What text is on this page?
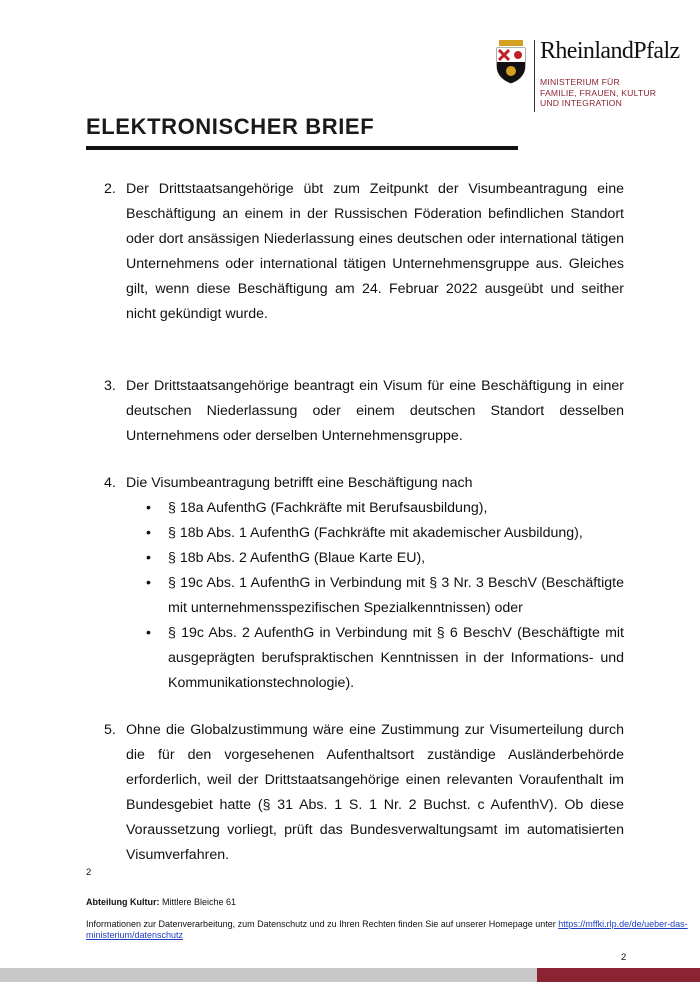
RheinlandPfalz
MINISTERIUM FÜR
FAMILIE, FRAUEN, KULTUR
UND INTEGRATION
ELEKTRONISCHER BRIEF
2. Der Drittstaatsangehörige übt zum Zeitpunkt der Visumbeantragung eine Beschäftigung an einem in der Russischen Föderation befindlichen Standort oder dort ansässigen Niederlassung eines deutschen oder international tätigen Unternehmens oder international tätigen Unternehmensgruppe aus. Gleiches gilt, wenn diese Beschäftigung am 24. Februar 2022 ausgeübt und seither nicht gekündigt wurde.
3. Der Drittstaatsangehörige beantragt ein Visum für eine Beschäftigung in einer deutschen Niederlassung oder einem deutschen Standort desselben Unternehmens oder derselben Unternehmensgruppe.
4. Die Visumbeantragung betrifft eine Beschäftigung nach
• § 18a AufenthG (Fachkräfte mit Berufsausbildung),
• § 18b Abs. 1 AufenthG (Fachkräfte mit akademischer Ausbildung),
• § 18b Abs. 2 AufenthG (Blaue Karte EU),
• § 19c Abs. 1 AufenthG in Verbindung mit § 3 Nr. 3 BeschV (Beschäftigte mit unternehmensspezifischen Spezialkenntnissen) oder
• § 19c Abs. 2 AufenthG in Verbindung mit § 6 BeschV (Beschäftigte mit ausgeprägten berufspraktischen Kenntnissen in der Informations- und Kommunikationstechnologie).
5. Ohne die Globalzustimmung wäre eine Zustimmung zur Visumerteilung durch die für den vorgesehenen Aufenthaltsort zuständige Ausländerbehörde erforderlich, weil der Drittstaatsangehörige einen relevanten Voraufenthalt im Bundesgebiet hatte (§ 31 Abs. 1 S. 1 Nr. 2 Buchst. c AufenthV). Ob diese Voraussetzung vorliegt, prüft das Bundesverwaltungsamt im automatisierten Visumverfahren.
2
Abteilung Kultur: Mittlere Bleiche 61
Informationen zur Datenverarbeitung, zum Datenschutz und zu Ihren Rechten finden Sie auf unserer Homepage unter https://mffki.rlp.de/de/ueber-das-ministerium/datenschutz
2
